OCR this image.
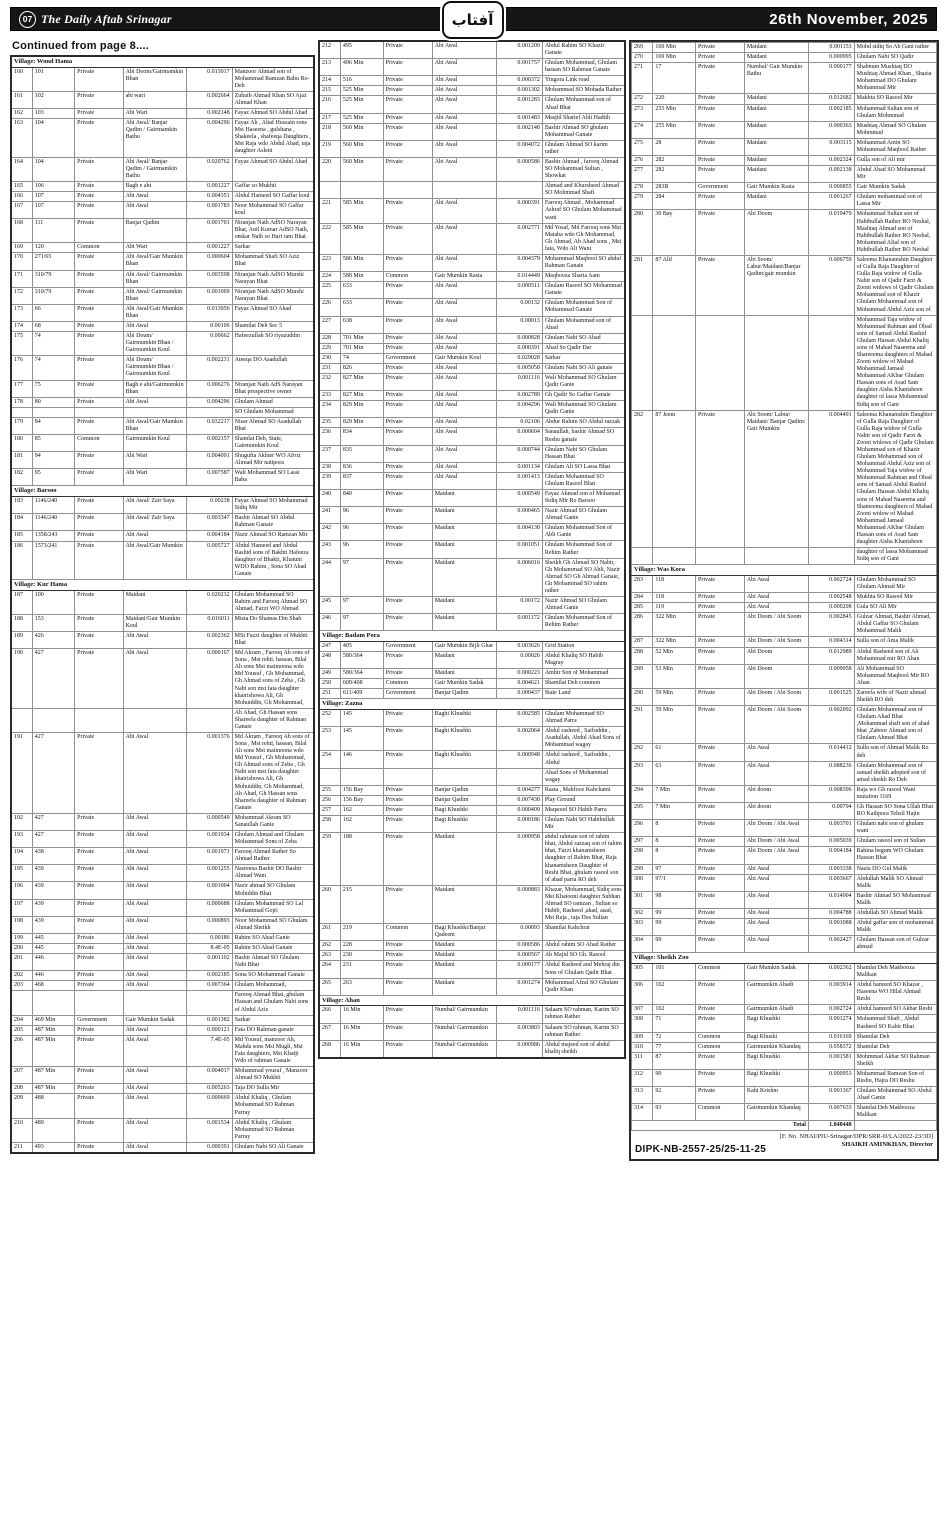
07 The Daily Aftab Srinagar	26th November, 2025
آفتاب
Continued from page 8....
Village: Wond Hama					
160	101	Private	Abi Doom/Gairmamkin Bhan	0.013017	Manzoor Ahmad son of Mohammad Ramzan Babu Ro-Deh
161	102	Private	abi wari	0.002664	Zuhaib Ahmad Khan SO Ajaz Ahmad Khan
162	103	Private	Abi Wari	0.002148	Fayaz Ahmad SO Abdul Ahad
163	104	Private	Abi Awal/ Banjar Qadim / Gairmamkin Bathu	0.004296	Fayaz Ah , Altaf Hussain sons Mst Haseena , gulshana , Shakeela , shafeeqa Daughters , Mst Raja wdo Abdul Ahad, taja daughter Asleni
164	104	Private	Abi Awal/ Banjar Qadim / Gairmamkin Bathu	0.020762	Fayaz Ahmad SO Abdul Ahad
165	106	Private	Bagh e abi	0.001227	Gaffar so Mukhti
166	107	Private	Abi Awal	0.004351	Abdul Hameed SO Gaffar koul
167	107	Private	Abi Awal	0.001783	Noor Mohammad SO Gaffar koul
168	111	Private	Banjar Qadim	0.001701	Niranjan Nath AdSO Narayan Bhat, Anil Kumar AdSO Nath, omkar Nath so Hari ram Bhat
169	120	Common	Abi Wari	0.001227	Sarkar
170	271/65	Private	Abi Awal/Gair Mumkin Bhan	0.000604	Mohammad Shafi SO Aziz Bhat
171	310/79	Private	Abi Awal/ Gairmumkin Bhan	0.003598	Niranjan Nath AdSO Murshi Narayan Bhat
172	310/79	Private	Abi Awal/ Gairmumkin Bhan	0.001069	Niranjan Nath AdSO Murshi Narayan Bhat
173	66	Private	Abi Awal/Gair Mumkin Bhan	0.013956	Fayaz Ahmad SO Ahad
174	68	Private	Abi Awal	0.00106	Shamilat Deh Sec 5
175	74	Private	Abi Doum/ Gairmumkin Bhan / Gairmumkin Koul	0.00662	Hafeezullah SO riyazuddin
176	74	Private	Abi Doum/ Gairmumkin Bhan / Gairmumkin Koul	0.002231	Ateeqa DO Asadullah
177	75	Private	Bagh e abi/Gairmumkin Bhan	0.006276	Niranjan Nath AdS Narayan Bhat prospective owner
178	80	Private	Abi Awal	0.004296	Ghulam Ahmad
					SO Ghulam Mohammad
179	84	Private	Abi Awal/Gair Mumkin Bhan	0.032217	Nisar Ahmad SO Asadullah Bhat
180	85	Common	Gairmumkin Koul	0.002157	Shamlat Deh, State, Gairmumkin Koul
181	94	Private	Abi Wari	0.004091	Shugufta Akhter WO Afroz Ahmad Mir natipora
182	95	Private	Abi Wari	0.007587	Wali Mohammad SO Lassi Baba
Village: Barsoo					
183	1146/240	Private	Abi Awal/ Zair Saya	0.00238	Fayaz Ahmad SO Mohammad Sidiq Mir
184	1146/240	Private	Abi Awal/ Zair Saya	0.003347	Bashir Ahmad SO Abdul Rahman Ganaie
185	1358/243	Private	Abi Awal	0.004184	Nazir Ahmad SO Ramzan Mir
186	1573/241	Private	Abi Awal/Gair Mumkin	0.005727	Abdul Hameed and Abdul Rashid sons of Bakhti Hafeeza daughter of Bhakti, Khatuni WDO Rahim , Sona SO Ahad Ganaie
Village: Kur Hama					
187	100	Private	Maidani	0.020232	Ghulam Mohammad SO Rahim and Farooq Ahmad SO Ahmad, Fazzi WO Ahmad
188	153	Private	Maidani/Gair Mumkin Koul	0.016011	Mista Do Shamas Din Shah
189	426	Private	Abi Awal	0.002362	MSt Fazzi daughter of Mukhti Bhat
190	427	Private	Abi Awal	0.000167	Md Akram , Farooq Ah sons of Sona , Mst rehti, hassan, Bilal Ah sons Mst maimoona wdo Md Yousuf , Gh Mohammad, Gh Ahmad sons of Zeba , Gh Nabi son mst fata daughter khairishowa Ali, Gh Mohuiddin, Gh Mohammad,
					Ab Ahad, Gh Hassan sons Shareefa daughter of Rahman Ganaie
191	427	Private	Abi Awal	0.001376	Md Akram , Farooq Ah sons of Sona , Mst rehti, hassan, Bilal Ah sons Mst maimoona wdo Md Yousuf , Gh Mohammad, Gh Ahmad sons of Zeba , Gh Nabi son mst fata daughter khairishowa Ali, Gh Mohuiddin, Gh Mohammad, Ab Ahad, Gh Hassan sons Shareefa daughter of Rahman Ganaie
192	427	Private	Abi Awal	0.000549	Mohammad Akram SO Sanaullah Ganie
193	427	Private	Abi Awal	0.001934	Ghulam Ahmad and Ghulam Mohammad Sons of Zeba
194	438	Private	Abi Awal	0.001971	Farooq Ahmad Rather So Ahmad Rather
195	439	Private	Abi Awal	0.001255	Nasreena Bashir DO Bashir Ahmad Wani
196	439	Private	Abi Awal	0.001004	Nazir ahmad SO Ghulam Mohiddin Bhat
197	439	Private	Abi Awal	0.000688	Ghulam Mohammad SO Lal Mohammad Gojri
198	439	Private	Abi Awal	0.000893	Noor Mohammad SO Ghulam Ahmad Sheikh
199	445	Private	Abi Awal	0.00186	Rahim SO Ahad Ganie
200	445	Private	Abi Awal	8.4E-05	Rahim SO Ahad Ganaie
201	446	Private	Abi Awal	0.001102	Bashir Ahmad SO Ghulam Nabi Bhat
202	446	Private	Abi Awal	0.002185	Sona SO Mohammad Ganaie
203	468	Private	Abi Awal	0.007364	Ghulam Mohammad,
					Farooq Ahmad Bhat, ghulam Hassan and Ghulam Nabi sons of Abdul Aziz
204	469 Min	Government	Gair Mumkin Sadak	0.001382	Sarkar
205	487 Min	Private	Abi Awal	0.000121	Fata DO Rahman ganaie
206	487 Min	Private	Abi Awal	7.4E-05	Md Yousuf, manzoor Ah, Mahda sons Mst Mugli, Mst Fata daughters, Mst Khatji Wdo of rahman Ganaie
207	487 Min	Private	Abi Awal	0.004017	Mohammad yousuf , Manzoor Ahmad SO Mukhti
208	487 Min	Private	Abi Awal	0.005263	Taja DO Sulla Mir
209	488	Private	Abi Awal	0.000669	Abdul Khaliq , Ghulam Mohammad SO Rahman Parray
210	489	Private	Abi Awal	0.001534	Abdul Khaliq , Ghulam Mohammad SO Rahman Parray
211	493	Private	Abi Awal	0.000391	Ghulam Nabi SO Ali Ganaie
212	495	Private	Abi Awal	0.001209	Abdul Rahim SO Khazir Ganaie
213	496 Min	Private	Abi Awal	0.001757	Ghulam Mohammad, Ghulam hassan SO Rahman Ganaie
214	516	Private	Abi Awal	0.000372	Yingora Link road
215	525 Min	Private	Abi Awal	0.001302	Mohammad SO Mohada Rather
216	525 Min	Private	Abi Awal	0.001283	Ghulam Mohammad son of Ahad Bhat
217	525 Min	Private	Abi Awal	0.001483	Masjid Sharief Ahli Hadith
218	560 Min	Private	Abi Awal	0.002148	Bashir Ahmad SO ghulam Mohammad Ganaie
219	560 Min	Private	Abi Awal	0.004072	Ghulam Ahmad SO karim rather
220	560 Min	Private	Abi Awal	0.000586	Bashir Ahmad , farooq Ahmad SO Mohammad Sultan , Showkat
					Ahmad and Khursheed Ahmad SO Mohmmad Shafi
221	585 Min	Private	Abi Awal	0.000391	Farooq Ahmad , Mohammad Ashraf SO Ghulam Mohammad wani
222	585 Min	Private	Abi Awal	0.002771	Md Yosaf, Md Farooq sons Mst Mataba wdo Gh Mohammad, Gh Ahmad, Ab Ahad sons , Mst fata, Wdo Ali Wani
223	586 Min	Private	Abi Awal	0.004379	Mohammad Maqbool SO abdul Rahman Ganaie
224	588 Min	Common	Gair Mumkin Rasta	0.014449	Maqbooza Sharia Aam
225	633	Private	Abi Awal	0.000511	Ghulam Rasool SO Mohammad Ganaie
226	633	Private	Abi Awal	0.00132	Ghulam Mohammad Son of Mohammad Ganaie
227	638	Private	Abi Awal	0.00013	Ghulam Mohammad son of Ahad
228	701 Min	Private	Abi Awal	0.000828	Ghulam Nabi SO Ahad
229	701 Min	Private	Abi Awal	0.000391	Ahad So Qadir Dar
230	74	Government	Gair Mumkin Koul	0.029028	Sarkar
231	826	Private	Abi Awal	0.005058	Ghulam Nabi SO Ali ganaie
232	827 Min	Private	Abi Awal	0.001116	Wali Mohammad SO Ghulam Qadir Ganie
233	827 Min	Private	Abi Awal	0.002789	Gh Qadir So Gaffar Ganaie
234	829 Min	Private	Abi Awal	0.004296	Wali Mohammad SO Ghulam Qadir Ganie
235	829 Min	Private	Abi Awal	0.02106	Abdur Rahim SO Abdul razzak
236	834	Private	Abi Awal	0.000604	Sanaullah, bashir Ahmad SO Reshu ganaie
237	835	Private	Abi Awal	0.000744	Ghulam Nabi SO Ghulam Hassan Bhat
238	836	Private	Abi Awal	0.001134	Ghulam Ali SO Lassa Bhat
239	837	Private	Abi Awal	0.001413	Ghulam Mohammad SO Ghulam Rasool Bhat
240	840	Private	Maidani	0.000549	Fayaz Ahmad son of Mohamad Sidiq Mir Ro Barsoo
241	96	Private	Maidani	0.000465	Nazir Ahmad SO Ghulam Ahmad Ganie
242	96	Private	Maidani	0.004138	Ghulam Mohammad Son of Abli Ganie
243	96	Private	Maidani	0.001051	Ghulam Mohammad Son of Rehim Rather
244	97	Private	Maidani	0.006016	Sheikh Gh Ahmad SO Nabir, Gh Mohammad SO Abli, Nazir Ahmad SO Gh Ahmad Ganaie, Gh Mohammad SO rahim rather
245	97	Private	Maidani	0.00172	Nazir Ahmad SO Ghulam Ahmad Ganie
246	97	Private	Maidani	0.001172	Ghulam Mohammad Son of Rehim Rather
Village: Badam Pora					
247	405	Government	Gair Mumkin Bijli Ghar	0.003626	Grid Station
248	580/364	Private	Maidani	0.00026	Abdul Khaliq SO Habib Magray
249	580/364	Private	Maidani	0.000223	Ambir Son of Mohammad
250	609/408	Common	Gair Mumkin Sadak	0.004621	Shamilat Deh common
251	611/409	Government	Banjar Qadim	0.000437	State Land
Village: Zazna					
252	145	Private	Baghi Khushki	0.002585	Ghulam Mohammad SO Ahmad Parra
253	145	Private	Baghi Khushki	0.002064	Abdul rasheed , Saifuddin , Asadullah, Abdul Ahad Sons of Mohammad wagay
254	146	Private	Baghi Khushki	0.000948	Abdul rasheed , Saifuddin , Abdul
					Ahad Sons of Mohammad wagay
255	156 Bay	Private	Banjar Qadim	0.004277	Rasta , Mahfooz Kahchami
256	156 Bay	Private	Banjar Qadim	0.007438	Play Ground
257	162	Private	Bagi Khushki	0.000409	Maqsood SO Habib Parra
258	162	Private	Bagi Khushki	0.000186	Ghulam Nabi SO Habibullah Mir
259	188	Private	Maidani	0.000958	abdul rahman son of rahim bhat, Abdul razzaq son of rahim bhat, Fazzi khanamsheen daughter of Rahim Bhat, Raja khanamsheen Daughter of Reshi Bhat, ghulam rasool son of ahad parra RO deh
260	215	Private	Maidani	0.000883	Khazar, Mohammad, Sidiq sons Mst Khatooni daughter Subhan Ahmad SO ramzan , Sultan so Habib, Rasheed ,ahad, asad, Mst Raja , taja Dos Sultan
261	219	Common	Bagi Khushki/Banjar Qadeem	0.00093	Shamilat Kahchrai
262	228	Private	Maidani	0.000586	Abdul rahim SO Ahad Rather
263	230	Private	Maidani	0.000567	Ab Majid SO Gh. Rasool
264	231	Private	Maidani	0.000177	Abdul Rasheed and Mehraj din Sons of Ghulam Qadir Bhat
265	263	Private	Maidani	0.001274	Mohammad Afzal SO Ghulam Qadir Khan
Village: Ahan					
266	16 Min	Private	Numbal/ Gairmumkin	0.001116	Salaam SO rahman, Karim SO rahman Rather
267	16 Min	Private	Numbal/ Gairmumkin	0.003803	Salaam SO rahman, Karim SO rahman Rather
268	16 Min	Private	Numbal/ Gairmumkin	0.000986	Abdul majeed son of abdul khaliq sheikh
269	169 Min	Private	Maidani	0.001153	Mohd sidiq So Ab Gani rather
270	169 Min	Private	Maidani	0.000995	Ghulam Nabi SO Qadir
271	17	Private	Numbal/ Gair Mumkin Bathu	0.000177	Shabnum Mushtaq DO Mushtaq Ahmad Khan , Shazia Mohammad DO Ghulam Mohammad Mir
272	220	Private	Maidani	0.012682	Makhta SO Rasool Mir
273	255 Min	Private	Maidani	0.002185	Mohammad Sultan son of Ghulam Mohmmad
274	255 Min	Private	Maidani	0.000363	Mushtaq Ahmad SO Ghulam Mohmmad
275	28	Private	Maidani	0.003115	Mohammad Amin SO Mohammad Maqbool Rather
276	282	Private	Maidani	0.002324	Gulla son of Ali mir
277	282	Private	Maidani	0.002138	Abdul Ahad SO Mohammad Mir
278	283B	Government	Gair Mumkin Rasta	0.000855	Gair Mumkin Sadak
279	284	Private	Maidani	0.001267	Ghulam mohammad son of Lassa Mir
280	30 Bay	Private	Abi Doom	0.019479	Mohammad Sultan son of Habibullah Rather RO Neshal, Mashtaq Ahmad son of Habibullah Rather RO Nesbal, Mohammad Altaf son of Habibullah Rather RO Nesbal
281	87 Alif	Private	Abi Soom/ Labur/Maidani/Banjar Qadim/gair mumkin	0.006759	Saleema Khanamshin Daughter of Gulla Raja Daughter of Gulla Raja widow of Gulla Nabir son of Qadir Farzi & Zooni widows of Qadir Ghulam Mohammad son of Khazir Ghulam Mohammad son of Mohammad Abdul Aziz son of
					Mohammad Taja widow of Mohammad Rahman and Obad sons of Samad Abdul Rashid Ghulam Hassan Abdul Khaliq sons of Mahad Naseema and Shareeema daughters of Mahad Zooni widow of Mahad Mohammad Jamaal Mohammad AKbar Ghulam Hassan sons of Asad Sam daughter Aisha Khanisheen daughter of lassa Mohammad Sidiq son of Gani
282	87 Jeem	Private	Abi Soom/ Labur/ Maidani/ Banjar Qadim/ Gair Mumkin	0.004491	Saleema Khanamshin Daughter of Gulla Raja Daughter of Gulla Raja widow of Gulla Nabir son of Qadir Farzi & Zooni widows of Qadir Ghulam Mohammad son of Khazir Ghulam Mohammad son of Mohammad Abdul Aziz son of Mohammad Taja widow of Mohammad Rahman and Obad sons of Samad Abdul Rashid Ghulam Hassan Abdul Khaliq sons of Mahad Naseema and Shameema daughters of Mahad Zooni widow of Mahad Mohammad Jamaal Mohammad AKbar Ghulam Hassan sons of Asad Sam daughter Aisha Khanisheen
					daughter of lassa Mohammad Sidiq son of Gani
Village: Was Kora					
283	118	Private	Abi Awal	0.002724	Ghulam Mohammad SO Ghulam Ahmad Mir
284	118	Private	Abi Awal	0.002548	Mukhta SO Rasool Mir
285	119	Private	Abi Awal	0.000298	Gula SO Ali Mir
286	322 Min	Private	Abi Doom / Abi Soom	0.002845	Gulzar Ahmad, Bashir Ahmad, Abdul Gaffar SO Ghulam Mohammad Malik
287	322 Min	Private	Abi Doom / Abi Soom	0.004314	Sulla son of Ama Malik
288	52 Min	Private	Abi Doom	0.012989	Abdul Rasheed son of Ali Mohammad mir RO Ahan
289	53 Min	Private	Abi Doom	0.009958	Ali Mohammad SO Mohammad Maqbool Mir RO Ahan
290	59 Min	Private	Abi Doom / Abi Soom	0.001525	Zareefa wife of Nazir ahmad Sheikh RO deh
291	59 Min	Private	Abi Doom / Abi Soom	0.002092	Ghulam Mohammad son of Ghulam Ahad Bhat ,Mohammad shafi son of ahad bhat ,Zahoor Ahmad son of Ghulam Ahmad Bhat
292	61	Private	Abi Awal	0.014412	Sulla son of Ahmad Malik Ro deh
293	63	Private	Abi Awal	0.088236	Ghulam Mohammad son of samad sheikh adopted son of amad sheikh Ro Deh
294	7 Min	Private	Abi doom	0.008396	Raja wo Gh rasool Wani mutation 1169
295	7 Min	Private	Abi doom	0.00794	Gh Hassan SO Sona Ullah Bhat RO Kathpora Tehsil Hajin
296	8	Private	Abi Doom / Abi Awal	0.003701	Ghulam nabi son of ghulam wani
297	8	Private	Abi Doom / Abi Awal	0.005039	Ghulam rasool son of Sultan
298	8	Private	Abi Doom / Abi Awal	0.004184	Rahina begum WO Ghulam Hassan Bhat
299	97	Private	Abi Awal	0.003338	Nazia DO Gul Malik
300	97/1	Private	Abi Awal	0.003667	Abdullah Malik SO Ahmad Malik
301	98	Private	Abi Awal	0.014904	Bashir Ahmad SO Mohammad Malik
302	99	Private	Abi Awal	0.004788	Abdullah SO Ahmad Malik
303	99	Private	Abi Awal	0.001088	Abdul gaffar son of mohammad Malik
304	99	Private	Abi Awal	0.002427	Ghulam Hassan son of Gulzar ahmad
Village: Sheikh Zoo					
305	101	Common	Gair Mumkin Sadak	0.002362	Shamlat Deh Makbooza Malikan
306	102	Private	Gairmumkin Abadi	0.003914	Abdul hameed SO Khazar , Haseena WO Hilal Ahmad Reshi
307	102	Private	Gairmumkin Abadi	0.002724	Abdul hameed SO Akbar Reshi
308	71	Private	Bagi Khushki	0.001274	Mohammad Shafi , Abdul Rasheed SO Kabir Bhat
309	72	Common	Bagi Khuski	0.016169	Shamilat Deh
310	77	Common	Gairmumkin Khandaq	0.058372	Shamilat Deh
311	87	Private	Bagi Khushki	0.001581	Mohmmad Akbar SO Rahman Sheikh
312	90	Private	Bagi Khushki	0.000953	Mohammad Ramzan Son of Reshu, Hajra DO Reshu
313	92	Private	Kahi Krishm	0.001367	Ghulam Mohammad SO Abdul Ahad Ganie
314	93	Common	Gairmumkin Khandaq	0.007633	Shamlat Deh Makbooza Malikan
Total				1.848448	
[F. No. NHAI/PIU-Srinagar/DPR/SRR-II/LA/2022-23/3D]
SHAIKH AMINKHAN, Director
DIPK-NB-2557-25/25-11-25
